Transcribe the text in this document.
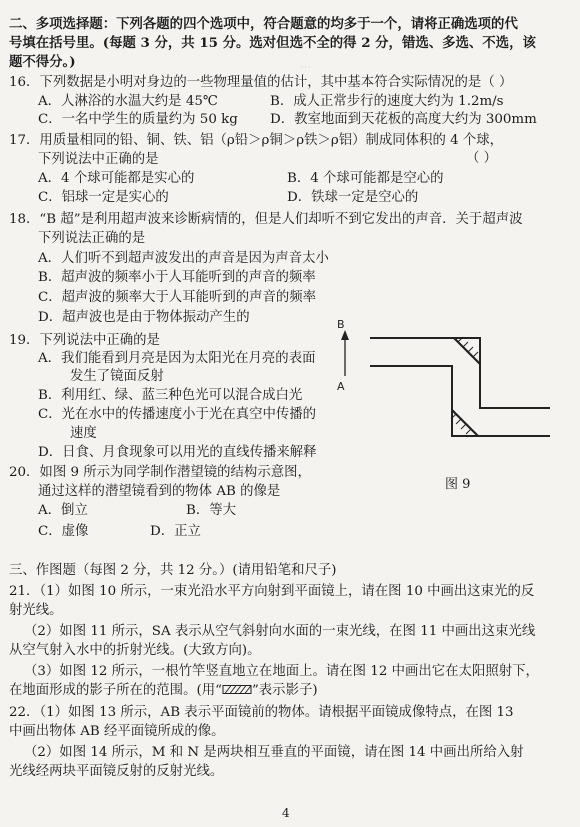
⋯
二、多项选择题：下列各题的四个选项中，符合题意的均多于一个，请将正确选项的代
号填在括号里。(每题 3 分，共 15 分。选对但选不全的得 2 分，错选、多选、不选，该
题不得分。)
16．下列数据是小明对身边的一些物理量值的估计，其中基本符合实际情况的是（ ）
A．人淋浴的水温大约是 45℃	B．成人正常步行的速度大约为 1.2m/s
C．一名中学生的质量约为 50 kg D．教室地面到天花板的高度大约为 300mm
17．用质量相同的铅、铜、铁、铝（ρ铅＞ρ铜＞ρ铁＞ρ铝）制成同体积的 4 个球，
（ ）
下列说法中正确的是
A．4 个球可能都是实心的	B．4 个球可能都是空心的
C．铝球一定是实心的	D．铁球一定是空心的
18．“B 超”是利用超声波来诊断病情的，但是人们却听不到它发出的声音．关于超声波
下列说法正确的是
A．人们听不到超声波发出的声音是因为声音太小
B．超声波的频率小于人耳能听到的声音的频率
C．超声波的频率大于人耳能听到的声音的频率
D．超声波也是由于物体振动产生的
19．下列说法中正确的是
A．我们能看到月亮是因为太阳光在月亮的表面
发生了镜面反射
B．利用红、绿、蓝三种色光可以混合成白光
C．光在水中的传播速度小于光在真空中传播的
速度
D．日食、月食现象可以用光的直线传播来解释
20．如图 9 所示为同学制作潜望镜的结构示意图，
通过这样的潜望镜看到的物体 AB 的像是
A．倒立	B．等大
C．虚像	D．正立
B
A
图 9
三、作图题（每图 2 分，共 12 分。）(请用铅笔和尺子)
21．（1）如图 10 所示，一束光沿水平方向射到平面镜上，请在图 10 中画出这束光的反
射光线。
（2）如图 11 所示，SA 表示从空气斜射向水面的一束光线，在图 11 中画出这束光线
从空气射入水中的折射光线。(大致方向)。
（3）如图 12 所示，一根竹竿竖直地立在地面上。请在图 12 中画出它在太阳照射下，
在地面形成的影子所在的范围。(用“ ”表示影子)
22．（1）如图 13 所示，AB 表示平面镜前的物体。请根据平面镜成像特点，在图 13
中画出物体 AB 经平面镜所成的像。
（2）如图 14 所示，M 和 N 是两块相互垂直的平面镜，请在图 14 中画出所给入射
光线经两块平面镜反射的反射光线。
4
